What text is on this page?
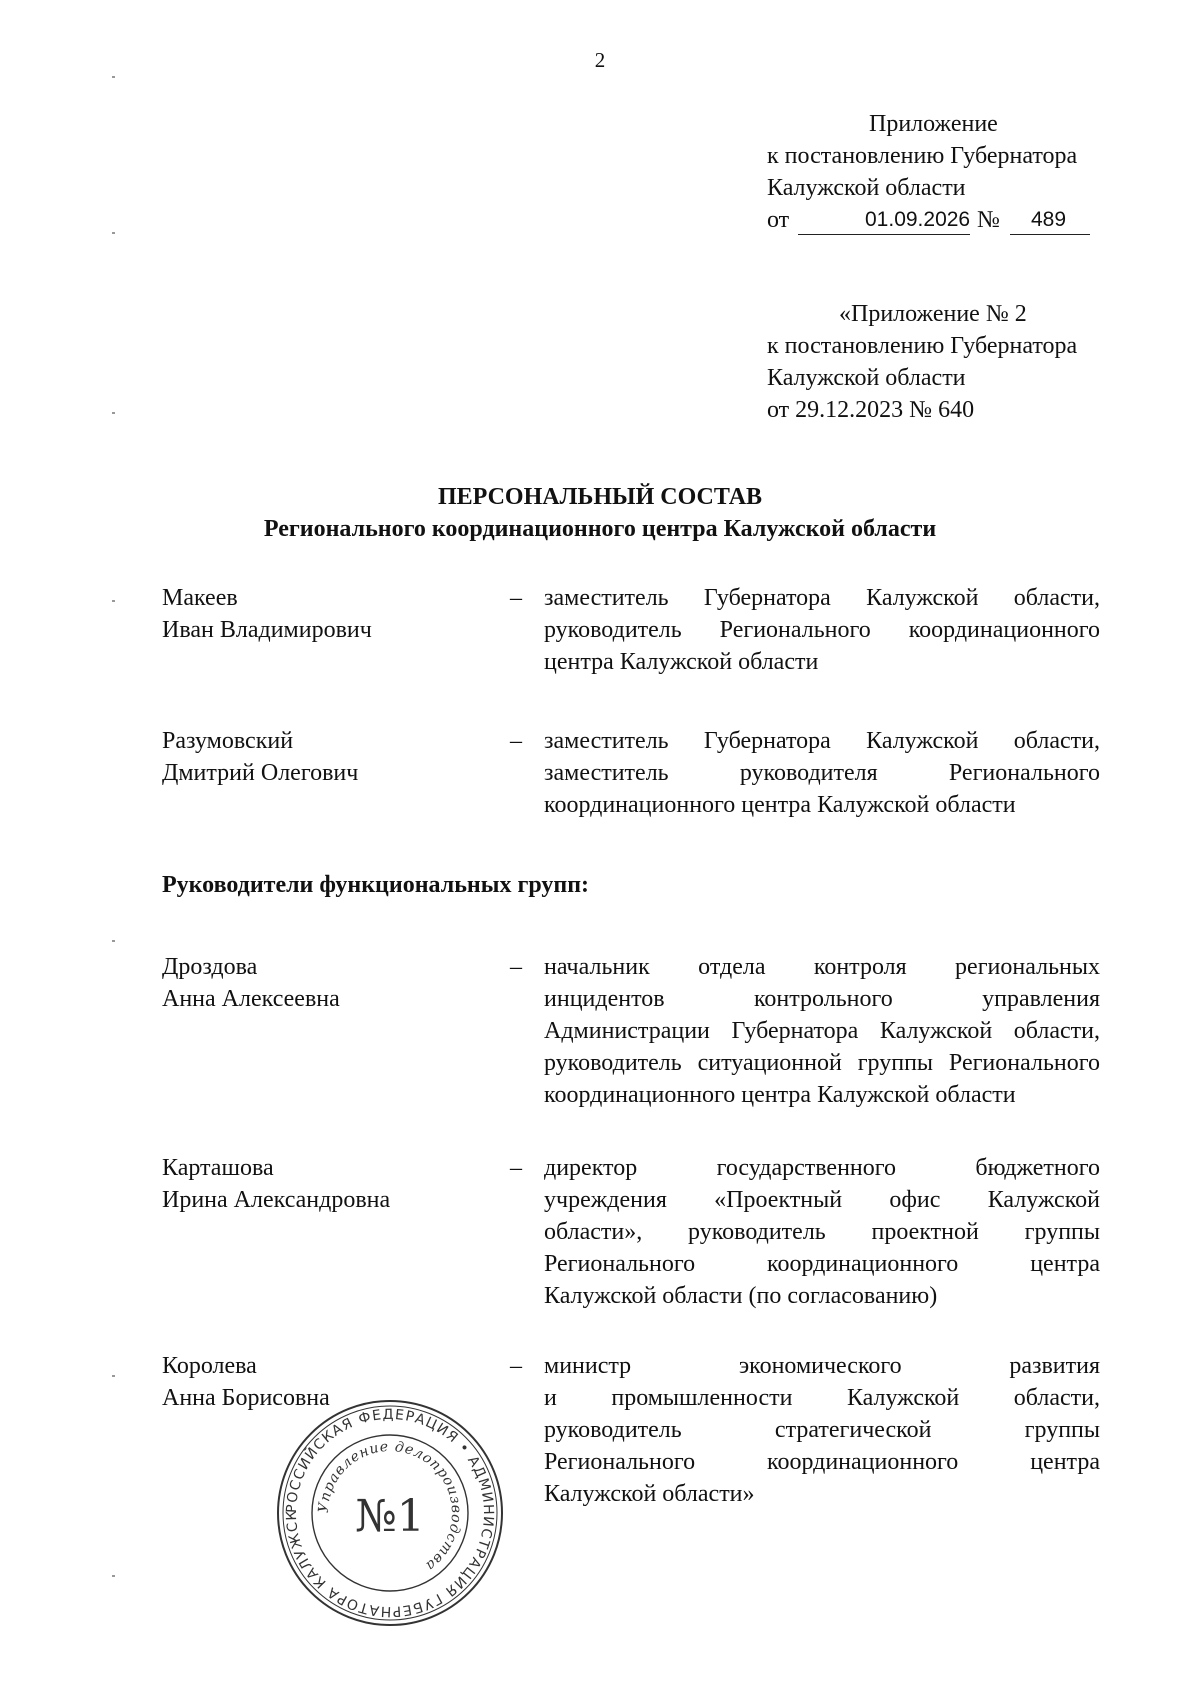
2
Приложение
к постановлению Губернатора
Калужской области
от	01.09.2026 № 489
«Приложение № 2
к постановлению Губернатора
Калужской области
от 29.12.2023 № 640
ПЕРСОНАЛЬНЫЙ СОСТАВ
Регионального координационного центра Калужской области
Макеев
Иван Владимирович
– заместитель Губернатора Калужской области,
руководитель Регионального координационного
центра Калужской области
Разумовский
Дмитрий Олегович
– заместитель Губернатора Калужской области,
заместитель руководителя Регионального
координационного центра Калужской области
Руководители функциональных групп:
Дроздова
Анна Алексеевна
– начальник отдела контроля региональных
инцидентов контрольного управления
Администрации Губернатора Калужской области,
руководитель ситуационной группы Регионального
координационного центра Калужской области
Карташова
Ирина Александровна
– директор государственного бюджетного
учреждения «Проектный офис Калужской
области», руководитель проектной группы
Регионального координационного центра
Калужской области (по согласованию)
Королева
Анна Борисовна
– министр экономического развития
и промышленности Калужской области,
руководитель стратегической группы
Регионального координационного центра
Калужской области»
РОССИЙСКАЯ ФЕДЕРАЦИЯ • АДМИНИСТРАЦИЯ ГУБЕРНАТОРА КАЛУЖСК
Управление делопроизводства
№1
